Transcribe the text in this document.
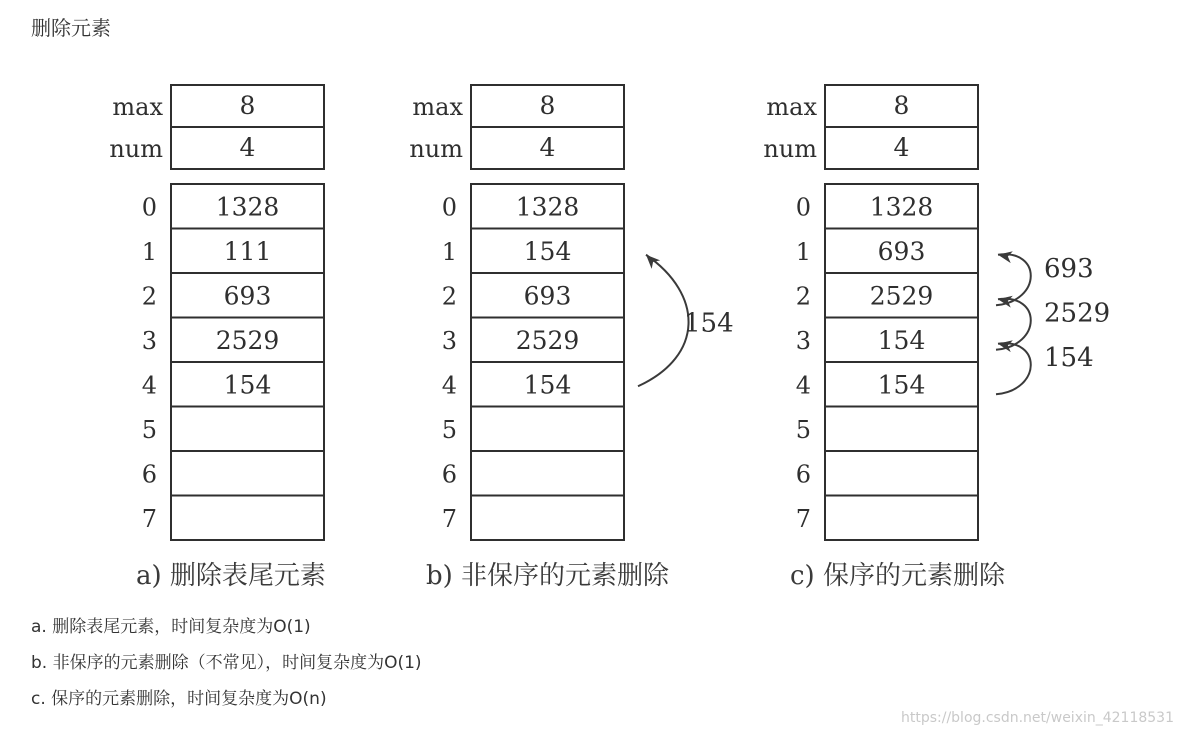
删除元素
max	8
num	4
0 1328
1	111
2	693
3 2529
4	154
5
6
7
a) 删除表尾元素
max	8
num	4
0 1328
1	154
2	693
3 2529
4	154
5
6
7
b) 非保序的元素删除
154
max	8
num	4
0 1328
1	693
2 2529
3	154
4	154
5
6
7
c) 保序的元素删除
693
2529
154
a. 删除表尾元素，时间复杂度为O(1)
b. 非保序的元素删除（不常见），时间复杂度为O(1)
c. 保序的元素删除，时间复杂度为O(n)
https://blog.csdn.net/weixin_42118531
